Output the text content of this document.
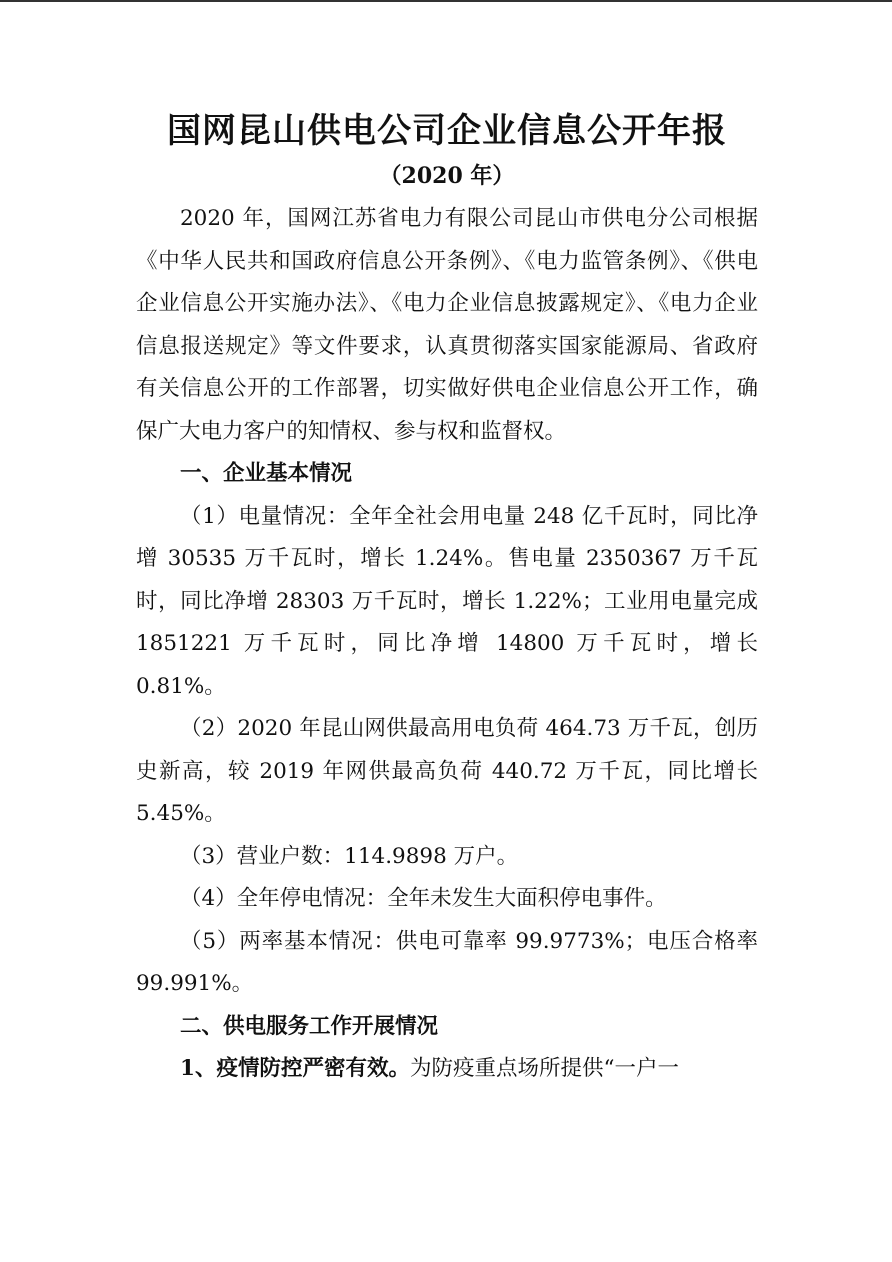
国网昆山供电公司企业信息公开年报
（2020 年）

2020 年，国网江苏省电力有限公司昆山市供电分公司根据《中华人民共和国政府信息公开条例》、《电力监管条例》、《供电企业信息公开实施办法》、《电力企业信息披露规定》、《电力企业信息报送规定》等文件要求，认真贯彻落实国家能源局、省政府有关信息公开的工作部署，切实做好供电企业信息公开工作，确保广大电力客户的知情权、参与权和监督权。

一、企业基本情况

（1）电量情况：全年全社会用电量 248 亿千瓦时，同比净增 30535 万千瓦时，增长 1.24%。售电量 2350367 万千瓦时，同比净增 28303 万千瓦时，增长 1.22%；工业用电量完成 1851221 万千瓦时，同比净增 14800 万千瓦时，增长 0.81%。

（2）2020 年昆山网供最高用电负荷 464.73 万千瓦，创历史新高，较 2019 年网供最高负荷 440.72 万千瓦，同比增长 5.45%。

（3）营业户数：114.9898 万户。

（4）全年停电情况：全年未发生大面积停电事件。

（5）两率基本情况：供电可靠率 99.9773%；电压合格率 99.991%。

二、供电服务工作开展情况

1、疫情防控严密有效。为防疫重点场所提供“一户一
